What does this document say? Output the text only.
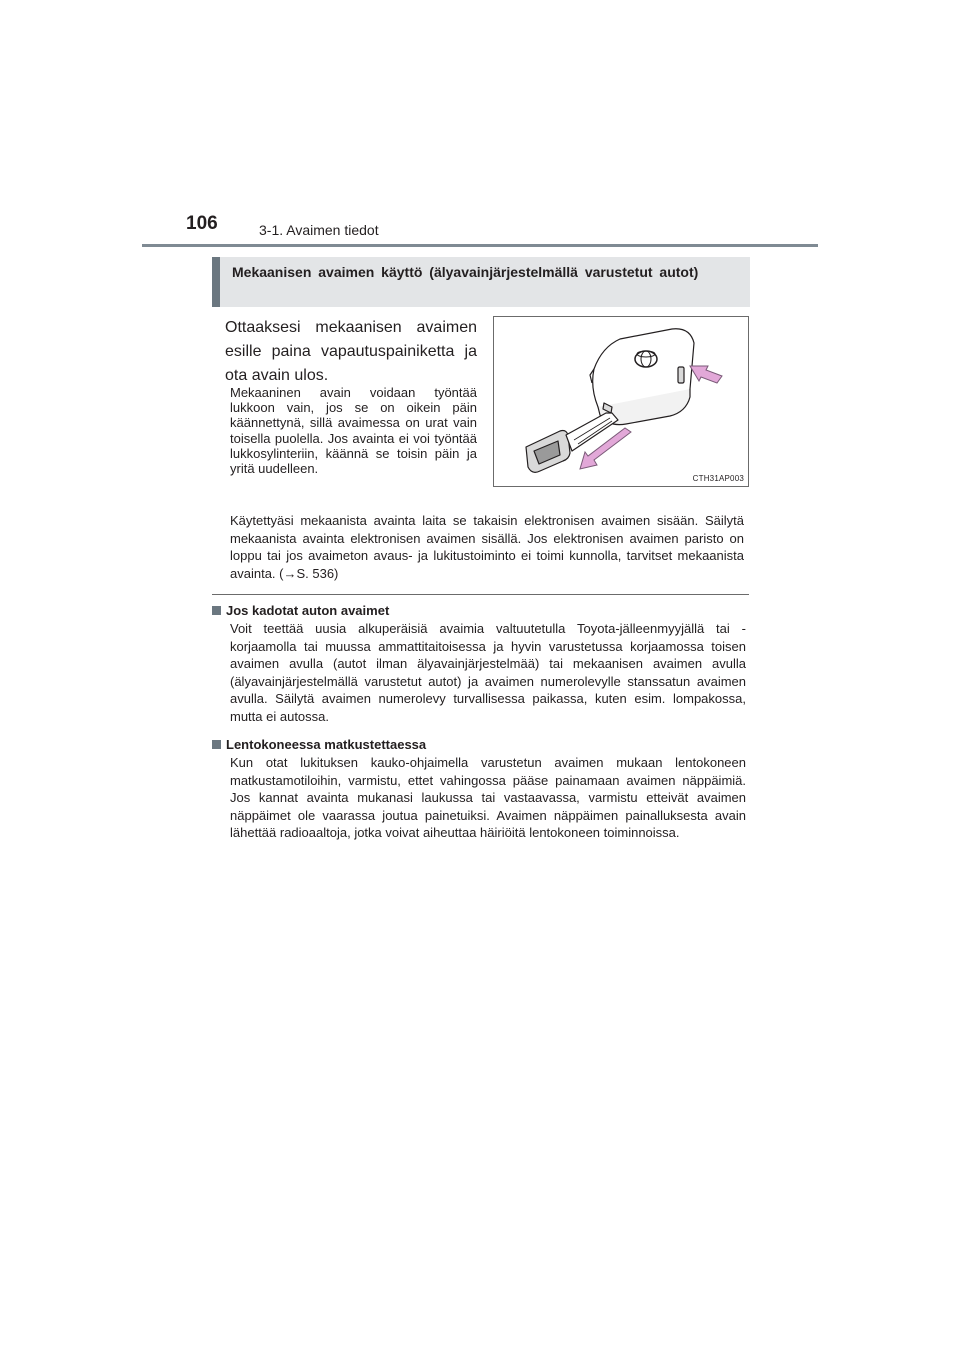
106	3-1. Avaimen tiedot
Mekaanisen avaimen käyttö (älyavainjärjestelmällä varustetut autot)
Ottaaksesi mekaanisen avaimen esille paina vapautuspainiketta ja ota avain ulos.
Mekaaninen avain voidaan työntää lukkoon vain, jos se on oikein päin käännettynä, sillä avaimessa on urat vain toisella puolella. Jos avainta ei voi työntää lukkosylinteriin, käännä se toisin päin ja yritä uudelleen.
CTH31AP003
Käytettyäsi mekaanista avainta laita se takaisin elektronisen avaimen sisään. Säilytä mekaanista avainta elektronisen avaimen sisällä. Jos elektronisen avaimen paristo on loppu tai jos avaimeton avaus- ja lukitustoiminto ei toimi kunnolla, tarvitset mekaanista avainta. (→S. 536)
Jos kadotat auton avaimet
Voit teettää uusia alkuperäisiä avaimia valtuutetulla Toyota-jälleenmyyjällä tai -korjaamolla tai muussa ammattitaitoisessa ja hyvin varustetussa korjaamossa toisen avaimen avulla (autot ilman älyavainjärjestelmää) tai mekaanisen avaimen avulla (älyavainjärjestelmällä varustetut autot) ja avaimen numerolevylle stanssatun avaimen avulla. Säilytä avaimen numerolevy turvallisessa paikassa, kuten esim. lompakossa, mutta ei autossa.
Lentokoneessa matkustettaessa
Kun otat lukituksen kauko-ohjaimella varustetun avaimen mukaan lentokoneen matkustamotiloihin, varmistu, ettet vahingossa pääse painamaan avaimen näppäimiä. Jos kannat avainta mukanasi laukussa tai vastaavassa, varmistu etteivät avaimen näppäimet ole vaarassa joutua painetuiksi. Avaimen näppäimen painalluksesta avain lähettää radioaaltoja, jotka voivat aiheuttaa häiriöitä lentokoneen toiminnoissa.
